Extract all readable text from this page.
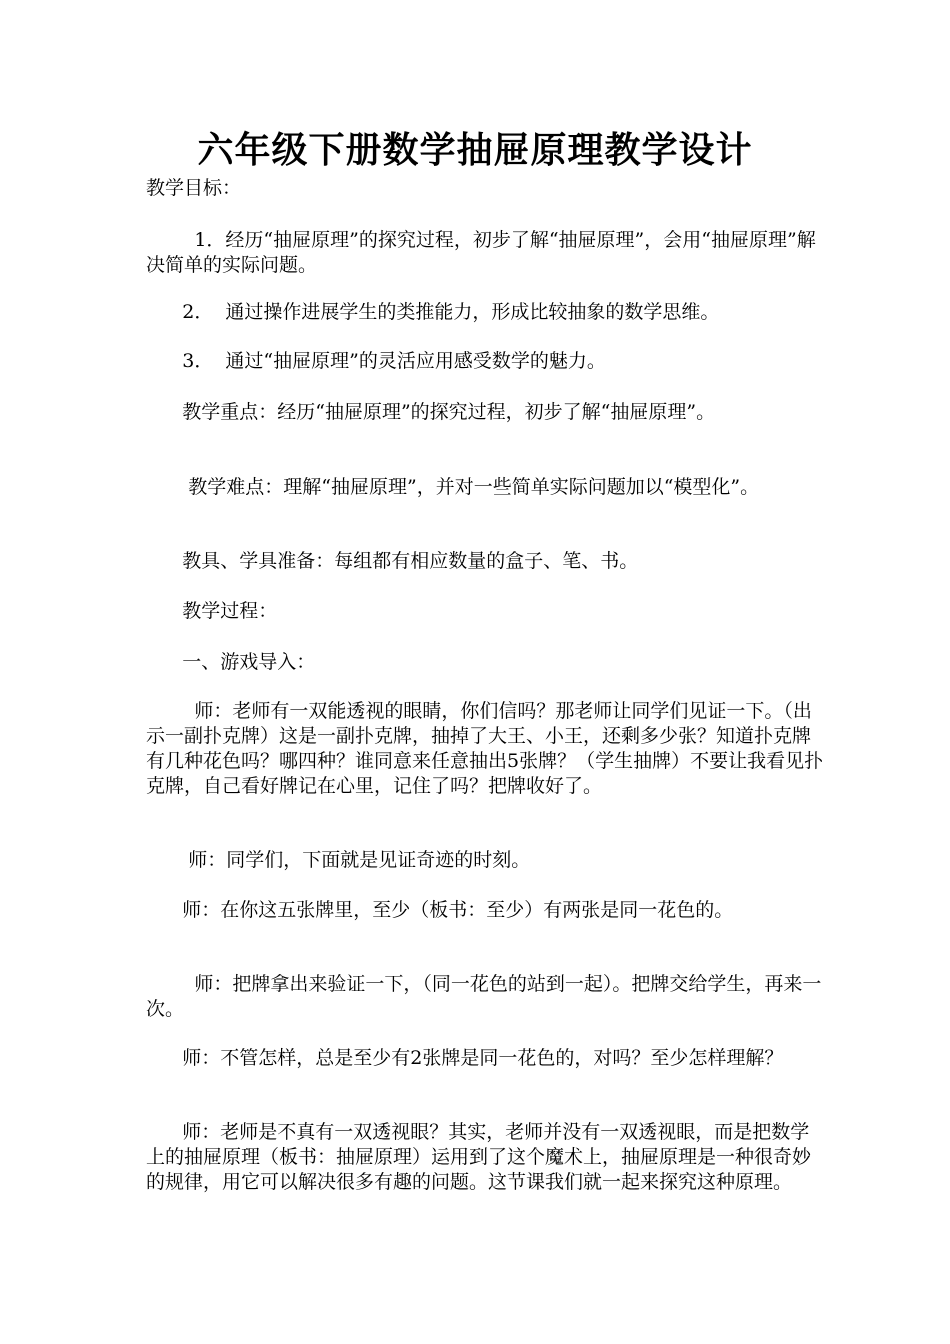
六年级下册数学抽屉原理教学设计

教学目标：

1．经历“抽屉原理”的探究过程，初步了解“抽屉原理”，会用“抽屉原理”解决简单的实际问题。

2．  通过操作进展学生的类推能力，形成比较抽象的数学思维。

3．  通过“抽屉原理”的灵活应用感受数学的魅力。

教学重点：经历“抽屉原理”的探究过程，初步了解“抽屉原理”。

教学难点：理解“抽屉原理”，并对一些简单实际问题加以“模型化”。

教具、学具准备：每组都有相应数量的盒子、笔、书。

教学过程：

一、游戏导入：

师：老师有一双能透视的眼睛，你们信吗？那老师让同学们见证一下。（出示一副扑克牌）这是一副扑克牌，抽掉了大王、小王，还剩多少张？知道扑克牌有几种花色吗？哪四种？谁同意来任意抽出5张牌？（学生抽牌）不要让我看见扑克牌，自己看好牌记在心里，记住了吗？把牌收好了。

师：同学们，下面就是见证奇迹的时刻。

师：在你这五张牌里，至少（板书：至少）有两张是同一花色的。

师：把牌拿出来验证一下，（同一花色的站到一起）。把牌交给学生，再来一次。

师：不管怎样，总是至少有2张牌是同一花色的，对吗？至少怎样理解？

师：老师是不真有一双透视眼？其实，老师并没有一双透视眼，而是把数学上的抽屉原理（板书：抽屉原理）运用到了这个魔术上，抽屉原理是一种很奇妙的规律，用它可以解决很多有趣的问题。这节课我们就一起来探究这种原理。
